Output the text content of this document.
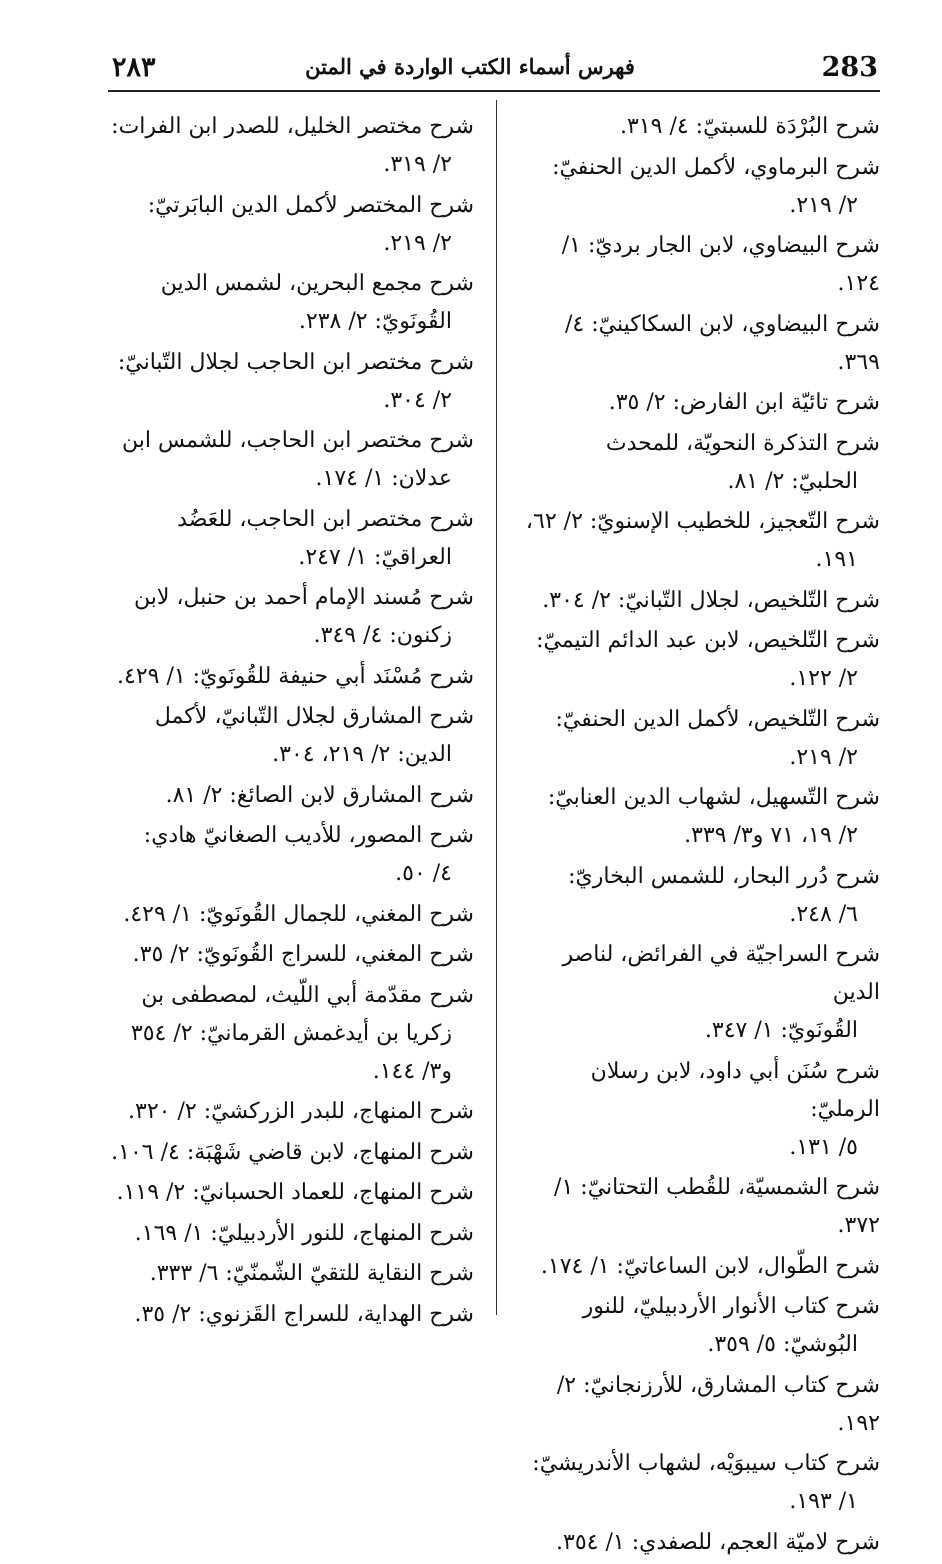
٢٨٣	فهرس أسماء الكتب الواردة في المتن	283
شرح البُرْدَة للسبتيّ: ٤/ ٣١٩.
شرح البرماوي، لأكمل الدين الحنفيّ:
٢/ ٢١٩.
شرح البيضاوي، لابن الجار برديّ: ١/ ١٢٤.
شرح البيضاوي، لابن السكاكينيّ: ٤/ ٣٦٩.
شرح تائيّة ابن الفارض: ٢/ ٣٥.
شرح التذكرة النحويّة، للمحدث
الحلبيّ: ٢/ ٨١.
شرح التّعجيز، للخطيب الإسنويّ: ٢/ ٦٢،
١٩١.
شرح التّلخيص، لجلال التّبانيّ: ٢/ ٣٠٤.
شرح التّلخيص، لابن عبد الدائم التيميّ:
٢/ ١٢٢.
شرح التّلخيص، لأكمل الدين الحنفيّ:
٢/ ٢١٩.
شرح التّسهيل، لشهاب الدين العنابيّ:
٢/ ١٩، ٧١ و٣/ ٣٣٩.
شرح دُرر البحار، للشمس البخاريّ:
٦/ ٢٤٨.
شرح السراجيّة في الفرائض، لناصر الدين
القُونَويّ: ١/ ٣٤٧.
شرح سُنَن أبي داود، لابن رسلان الرمليّ:
٥/ ١٣١.
شرح الشمسيّة، للقُطب التحتانيّ: ١/ ٣٧٢.
شرح الطّوال، لابن الساعاتيّ: ١/ ١٧٤.
شرح كتاب الأنوار الأردبيليّ، للنور
البُوشيّ: ٥/ ٣٥٩.
شرح كتاب المشارق، للأرزنجانيّ: ٢/ ١٩٢.
شرح كتاب سيبوَيْه، لشهاب الأندريشيّ:
١/ ١٩٣.
شرح لاميّة العجم، للصفدي: ١/ ٣٥٤.
شرح مختصر الخليل، للصدر ابن الفرات:
٢/ ٣١٩.
شرح المختصر لأكمل الدين البابَرتيّ:
٢/ ٢١٩.
شرح مجمع البحرين، لشمس الدين
القُونَويّ: ٢/ ٢٣٨.
شرح مختصر ابن الحاجب لجلال التّبانيّ:
٢/ ٣٠٤.
شرح مختصر ابن الحاجب، للشمس ابن
عدلان: ١/ ١٧٤.
شرح مختصر ابن الحاجب، للعَضُد
العراقيّ: ١/ ٢٤٧.
شرح مُسند الإمام أحمد بن حنبل، لابن
زكنون: ٤/ ٣٤٩.
شرح مُسْنَد أبي حنيفة للقُونَويّ: ١/ ٤٢٩.
شرح المشارق لجلال التّبانيّ، لأكمل
الدين: ٢/ ٢١٩، ٣٠٤.
شرح المشارق لابن الصائغ: ٢/ ٨١.
شرح المصور، للأديب الصغانيّ هادي:
٤/ ٥٠.
شرح المغني، للجمال القُونَويّ: ١/ ٤٢٩.
شرح المغني، للسراج القُونَويّ: ٢/ ٣٥.
شرح مقدّمة أبي اللّيث، لمصطفى بن
زكريا بن أيدغمش القرمانيّ: ٢/ ٣٥٤
و٣/ ١٤٤.
شرح المنهاج، للبدر الزركشيّ: ٢/ ٣٢٠.
شرح المنهاج، لابن قاضي شَهْبَة: ٤/ ١٠٦.
شرح المنهاج، للعماد الحسبانيّ: ٢/ ١١٩.
شرح المنهاج، للنور الأردبيليّ: ١/ ١٦٩.
شرح النقاية للتقيّ الشّمنّيّ: ٦/ ٣٣٣.
شرح الهداية، للسراج القَزنوي: ٢/ ٣٥.
